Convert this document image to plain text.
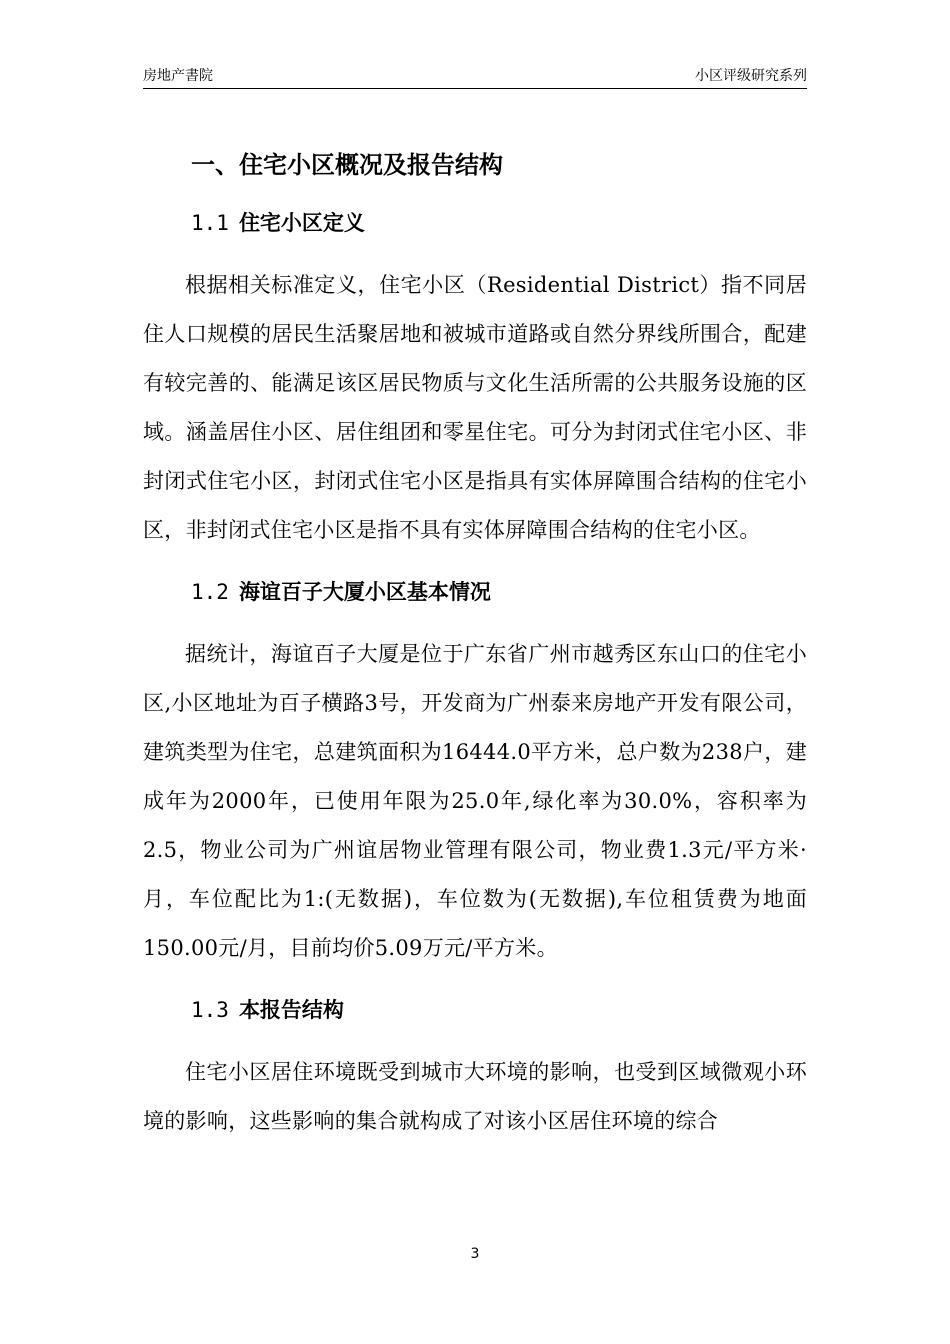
房地产書院	小区评级研究系列
一、住宅小区概况及报告结构
1.1 住宅小区定义

根据相关标准定义，住宅小区（Residential District）指不同居住人口规模的居民生活聚居地和被城市道路或自然分界线所围合，配建有较完善的、能满足该区居民物质与文化生活所需的公共服务设施的区域。涵盖居住小区、居住组团和零星住宅。可分为封闭式住宅小区、非封闭式住宅小区，封闭式住宅小区是指具有实体屏障围合结构的住宅小区，非封闭式住宅小区是指不具有实体屏障围合结构的住宅小区。

1.2 海谊百子大厦小区基本情况

据统计，海谊百子大厦是位于广东省广州市越秀区东山口的住宅小区,小区地址为百子横路3号，开发商为广州泰来房地产开发有限公司，建筑类型为住宅，总建筑面积为16444.0平方米，总户数为238户，建成年为2000年，已使用年限为25.0年,绿化率为30.0%，容积率为2.5，物业公司为广州谊居物业管理有限公司，物业费1.3元/平方米·月，车位配比为1:(无数据)，车位数为(无数据),车位租赁费为地面150.00元/月，目前均价5.09万元/平方米。

1.3 本报告结构

住宅小区居住环境既受到城市大环境的影响，也受到区域微观小环境的影响，这些影响的集合就构成了对该小区居住环境的综合

3
